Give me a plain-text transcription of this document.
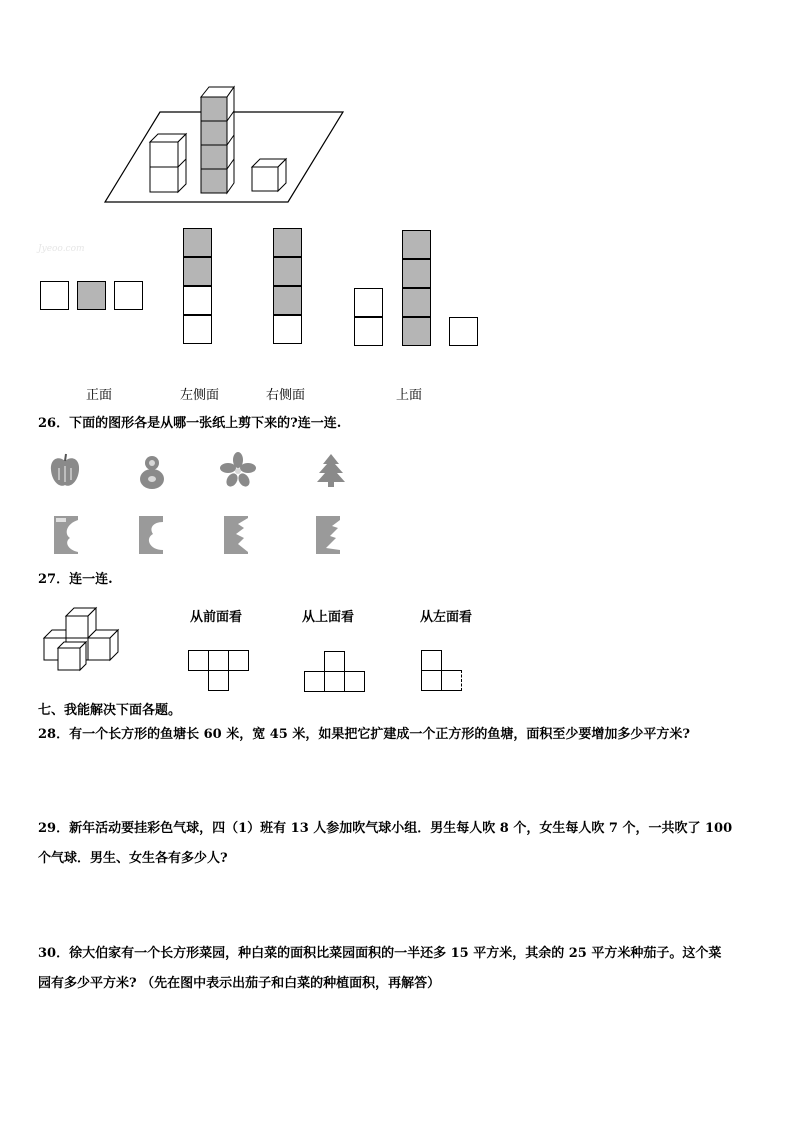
Jyeoo.com
正面	左侧面	右侧面	上面
26．下面的图形各是从哪一张纸上剪下来的?连一连.
27．连一连.
从前面看	从上面看	从左面看
七、我能解决下面各题。
28．有一个长方形的鱼塘长 60 米，宽 45 米，如果把它扩建成一个正方形的鱼塘，面积至少要增加多少平方米?
29．新年活动要挂彩色气球，四（1）班有 13 人参加吹气球小组．男生每人吹 8 个，女生每人吹 7 个，一共吹了 100
个气球．男生、女生各有多少人?
30．徐大伯家有一个长方形菜园，种白菜的面积比菜园面积的一半还多 15 平方米，其余的 25 平方米种茄子。这个菜
园有多少平方米? （先在图中表示出茄子和白菜的种植面积，再解答）
